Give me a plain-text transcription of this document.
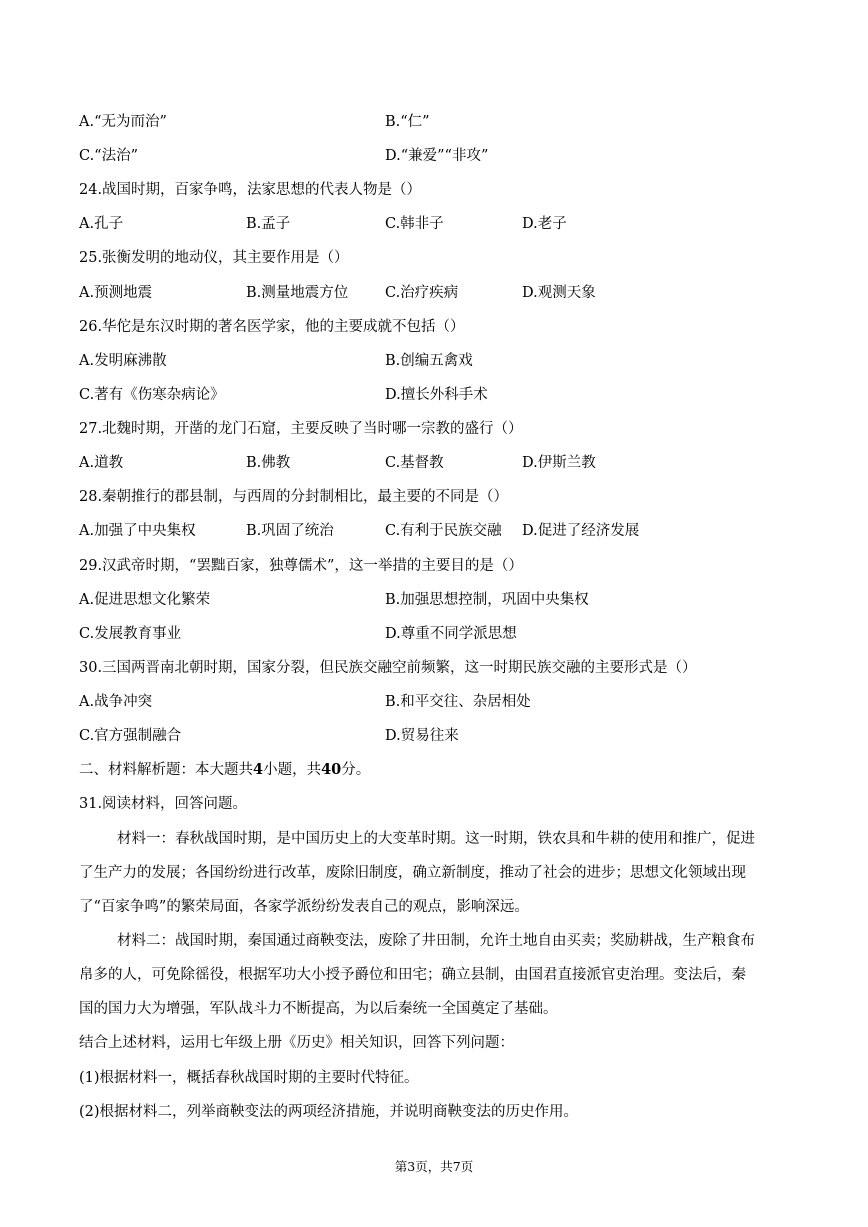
A.“无为而治”	B.“仁”
C.“法治”	D.“兼爱”“非攻”
24.战国时期，百家争鸣，法家思想的代表人物是（）
A.孔子	B.孟子	C.韩非子	D.老子
25.张衡发明的地动仪，其主要作用是（）
A.预测地震	B.测量地震方位	C.治疗疾病	D.观测天象
26.华佗是东汉时期的著名医学家，他的主要成就不包括（）
A.发明麻沸散	B.创编五禽戏
C.著有《伤寒杂病论》	D.擅长外科手术
27.北魏时期，开凿的龙门石窟，主要反映了当时哪一宗教的盛行（）
A.道教	B.佛教	C.基督教	D.伊斯兰教
28.秦朝推行的郡县制，与西周的分封制相比，最主要的不同是（）
A.加强了中央集权	B.巩固了统治	C.有利于民族交融 D.促进了经济发展
29.汉武帝时期，“罢黜百家，独尊儒术”，这一举措的主要目的是（）
A.促进思想文化繁荣	B.加强思想控制，巩固中央集权
C.发展教育事业	D.尊重不同学派思想
30.三国两晋南北朝时期，国家分裂，但民族交融空前频繁，这一时期民族交融的主要形式是（）
A.战争冲突	B.和平交往、杂居相处
C.官方强制融合	D.贸易往来
二、材料解析题：本大题共4小题，共40分。
31.阅读材料，回答问题。
材料一：春秋战国时期，是中国历史上的大变革时期。这一时期，铁农具和牛耕的使用和推广，促进
了生产力的发展；各国纷纷进行改革，废除旧制度，确立新制度，推动了社会的进步；思想文化领域出现
了“百家争鸣”的繁荣局面，各家学派纷纷发表自己的观点，影响深远。
材料二：战国时期，秦国通过商鞅变法，废除了井田制，允许土地自由买卖；奖励耕战，生产粮食布
帛多的人，可免除徭役，根据军功大小授予爵位和田宅；确立县制，由国君直接派官吏治理。变法后，秦
国的国力大为增强，军队战斗力不断提高，为以后秦统一全国奠定了基础。
结合上述材料，运用七年级上册《历史》相关知识，回答下列问题：
(1)根据材料一，概括春秋战国时期的主要时代特征。
(2)根据材料二，列举商鞅变法的两项经济措施，并说明商鞅变法的历史作用。
第3页，共7页
